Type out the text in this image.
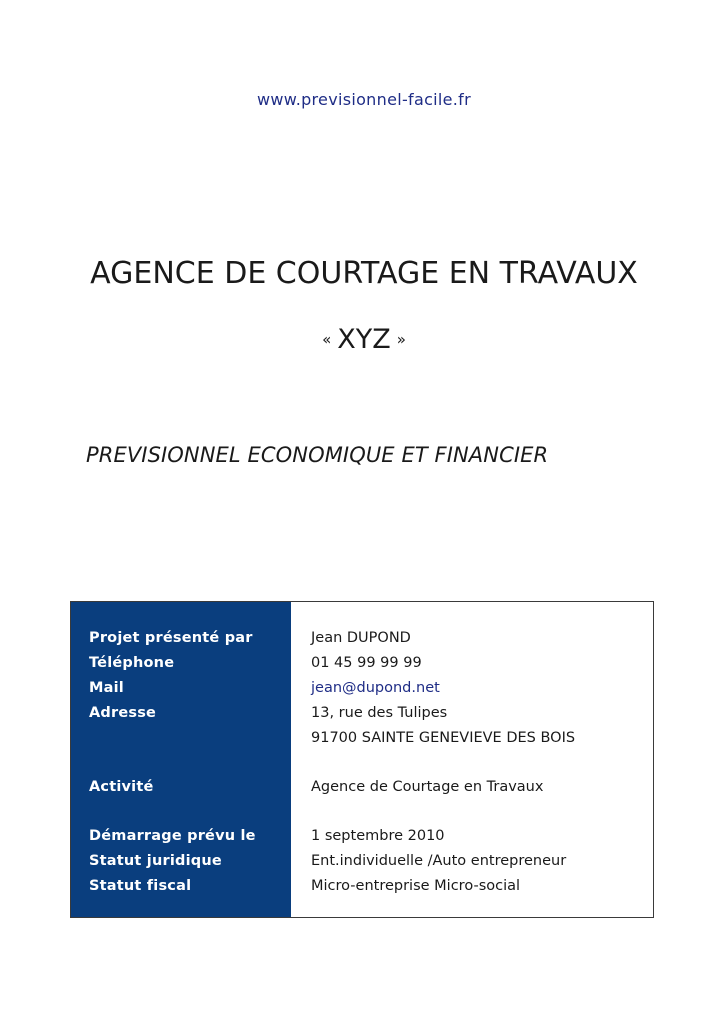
www.previsionnel-facile.fr
AGENCE DE COURTAGE EN TRAVAUX
« XYZ »
PREVISIONNEL ECONOMIQUE ET FINANCIER
Projet présenté par	Jean DUPOND
Téléphone	01 45 99 99 99
Mail	jean@dupond.net
Adresse	13, rue des Tulipes
91700 SAINTE GENEVIEVE DES BOIS
Activité	Agence de Courtage en Travaux
Démarrage prévu le	1 septembre 2010
Statut juridique	Ent.individuelle /Auto entrepreneur
Statut fiscal	Micro-entreprise Micro-social
